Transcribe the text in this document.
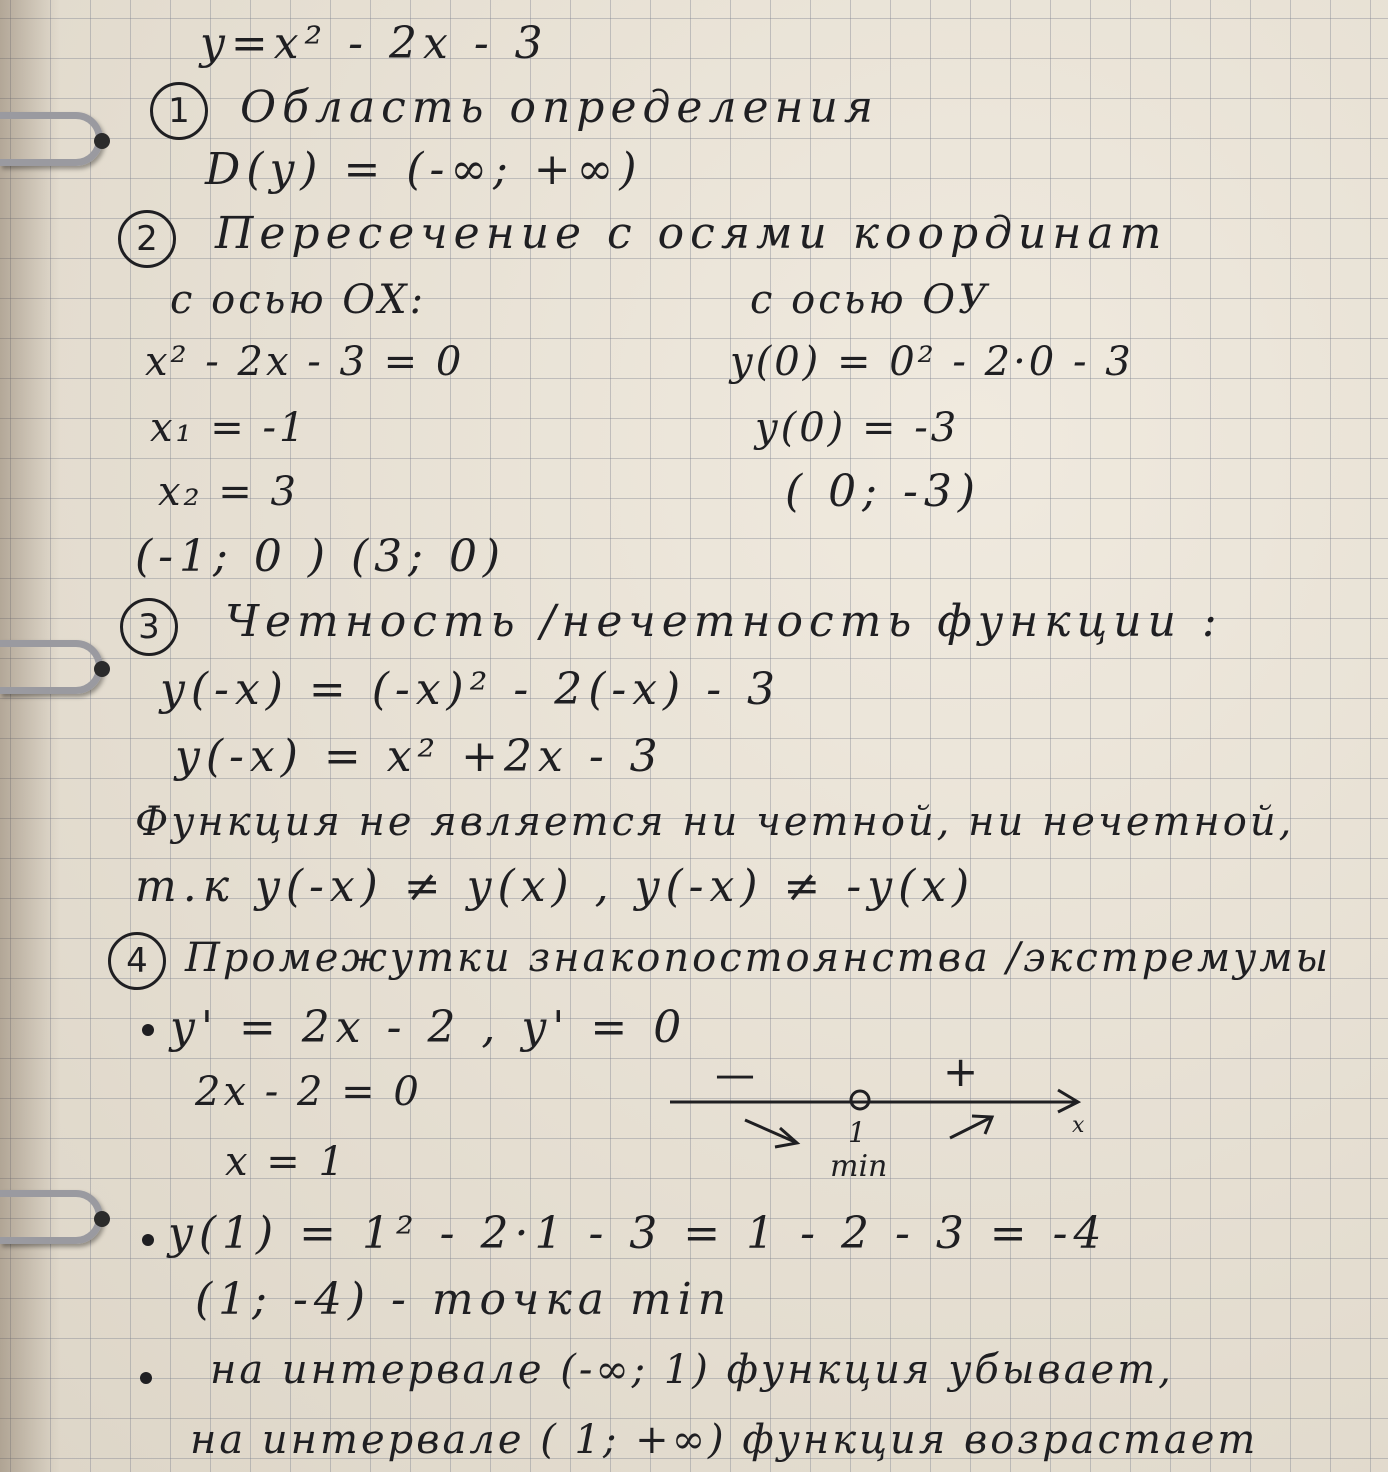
y=x² - 2x - 3
1	Область определения
D(y) = (-∞; +∞)
2	Пересечение с осями координат
с осью ОХ:
x² - 2x - 3 = 0
x₁ = -1
x₂ = 3
(-1; 0 ) (3; 0)
с осью ОУ
y(0) = 0² - 2·0 - 3
y(0) = -3
( 0; -3)
3	Четность /нечетность функции :
y(-x) = (-x)² - 2(-x) - 3
y(-x) = x² +2x - 3
Функция не является ни четной, ни нечетной,
т.к y(-x) ≠ y(x) , y(-x) ≠ -y(x)
4 Промежутки знакопостоянства /экстремумы
y' = 2x - 2 , y' = 0
2x - 2 = 0
x = 1
—	+
1
min
x
y(1) = 1² - 2·1 - 3 = 1 - 2 - 3 = -4
(1; -4) - точка min
на интервале (-∞; 1) функция убывает,
на интервале ( 1; +∞) функция возрастает
